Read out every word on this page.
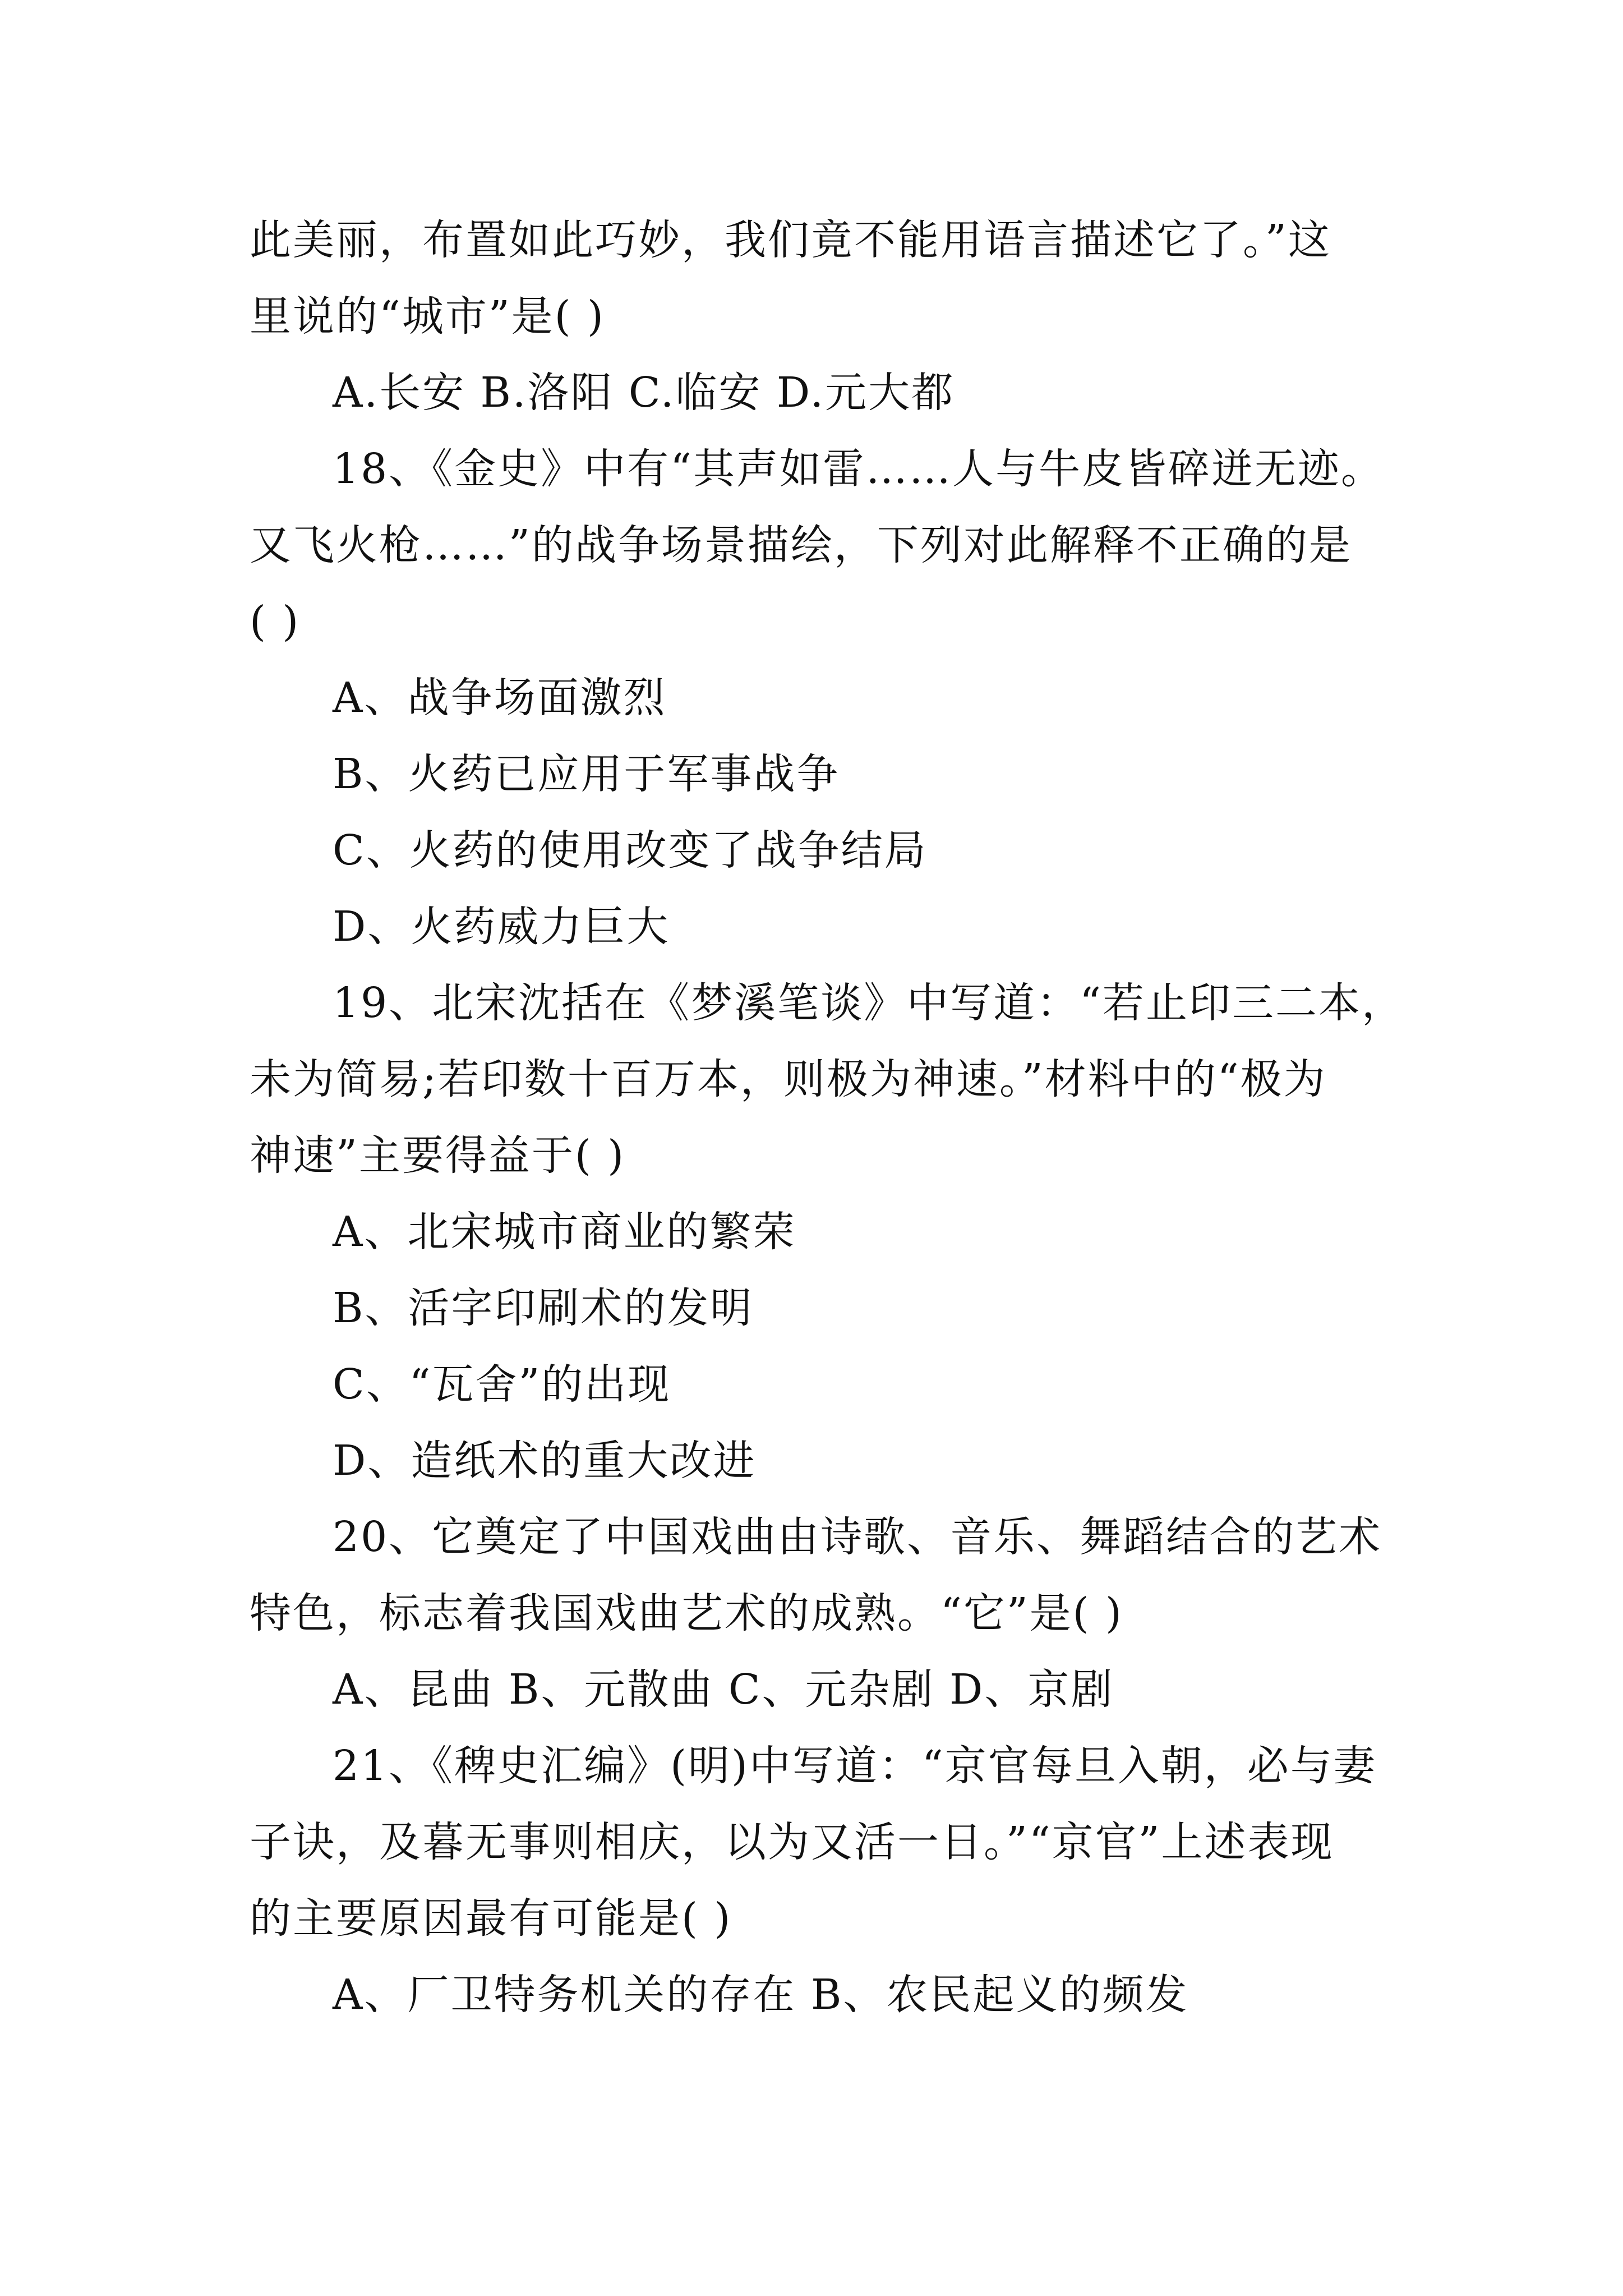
此美丽，布置如此巧妙，我们竟不能用语言描述它了。”这
里说的“城市”是( )
A.长安 B.洛阳 C.临安 D.元大都
18、《金史》中有“其声如雷……人与牛皮皆碎迸无迹。
又飞火枪……”的战争场景描绘，下列对此解释不正确的是
( )
A、战争场面激烈
B、火药已应用于军事战争
C、火药的使用改变了战争结局
D、火药威力巨大
19、北宋沈括在《梦溪笔谈》中写道：“若止印三二本，
未为简易;若印数十百万本，则极为神速。”材料中的“极为
神速”主要得益于( )
A、北宋城市商业的繁荣
B、活字印刷术的发明
C、“瓦舍”的出现
D、造纸术的重大改进
20、它奠定了中国戏曲由诗歌、音乐、舞蹈结合的艺术
特色，标志着我国戏曲艺术的成熟。“它”是( )
A、昆曲 B、元散曲 C、元杂剧 D、京剧
21、《稗史汇编》(明)中写道：“京官每旦入朝，必与妻
子诀，及暮无事则相庆，以为又活一日。”“京官”上述表现
的主要原因最有可能是( )
A、厂卫特务机关的存在 B、农民起义的频发
